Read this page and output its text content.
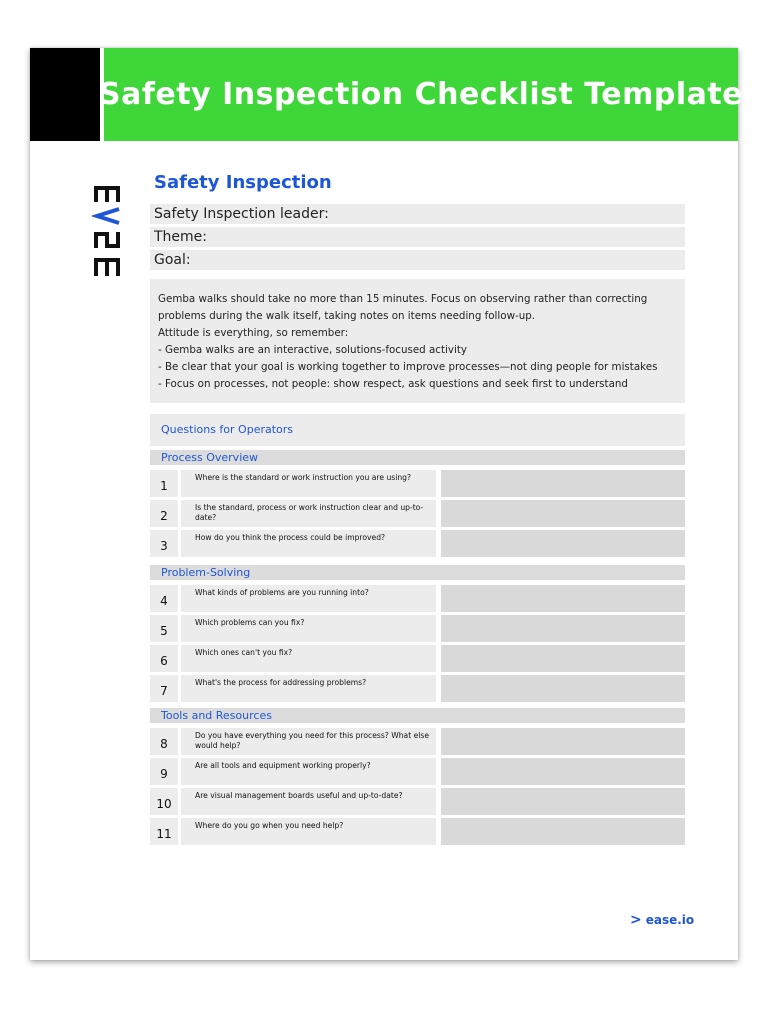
Safety Inspection Checklist Template
Safety Inspection
Safety Inspection leader:
Theme:
Goal:
Gemba walks should take no more than 15 minutes. Focus on observing rather than correcting
problems during the walk itself, taking notes on items needing follow-up.
Attitude is everything, so remember:
- Gemba walks are an interactive, solutions-focused activity
- Be clear that your goal is working together to improve processes—not ding people for mistakes
- Focus on processes, not people: show respect, ask questions and seek first to understand
Questions for Operators
Process Overview
1
Where is the standard or work instruction you are using?
2
Is the standard, process or work instruction clear and up-to-date?
3
How do you think the process could be improved?
Problem-Solving
4
What kinds of problems are you running into?
5
Which problems can you fix?
6
Which ones can't you fix?
7
What's the process for addressing problems?
Tools and Resources
8
Do you have everything you need for this process? What else would help?
9
Are all tools and equipment working properly?
10
Are visual management boards useful and up-to-date?
11
Where do you go when you need help?
> ease.io
